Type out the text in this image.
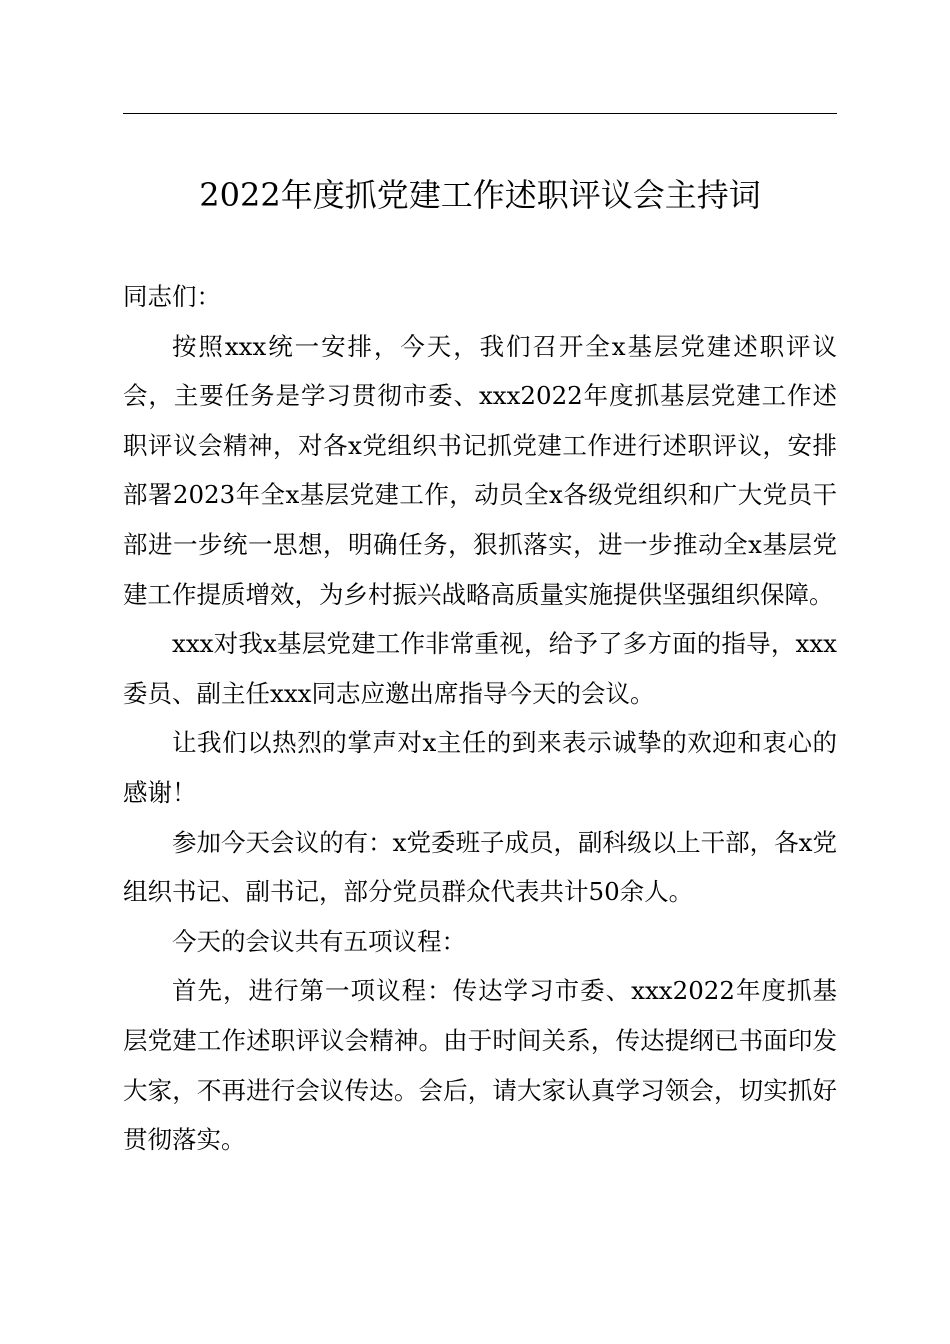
2022年度抓党建工作述职评议会主持词

同志们：

按照xxx统一安排，今天，我们召开全x基层党建述职评议会，主要任务是学习贯彻市委、xxx2022年度抓基层党建工作述职评议会精神，对各x党组织书记抓党建工作进行述职评议，安排部署2023年全x基层党建工作，动员全x各级党组织和广大党员干部进一步统一思想，明确任务，狠抓落实，进一步推动全x基层党建工作提质增效，为乡村振兴战略高质量实施提供坚强组织保障。

xxx对我x基层党建工作非常重视，给予了多方面的指导，xxx委员、副主任xxx同志应邀出席指导今天的会议。

让我们以热烈的掌声对x主任的到来表示诚挚的欢迎和衷心的感谢！

参加今天会议的有：x党委班子成员，副科级以上干部，各x党组织书记、副书记，部分党员群众代表共计50余人。

今天的会议共有五项议程：

首先，进行第一项议程：传达学习市委、xxx2022年度抓基层党建工作述职评议会精神。由于时间关系，传达提纲已书面印发大家，不再进行会议传达。会后，请大家认真学习领会，切实抓好贯彻落实。
